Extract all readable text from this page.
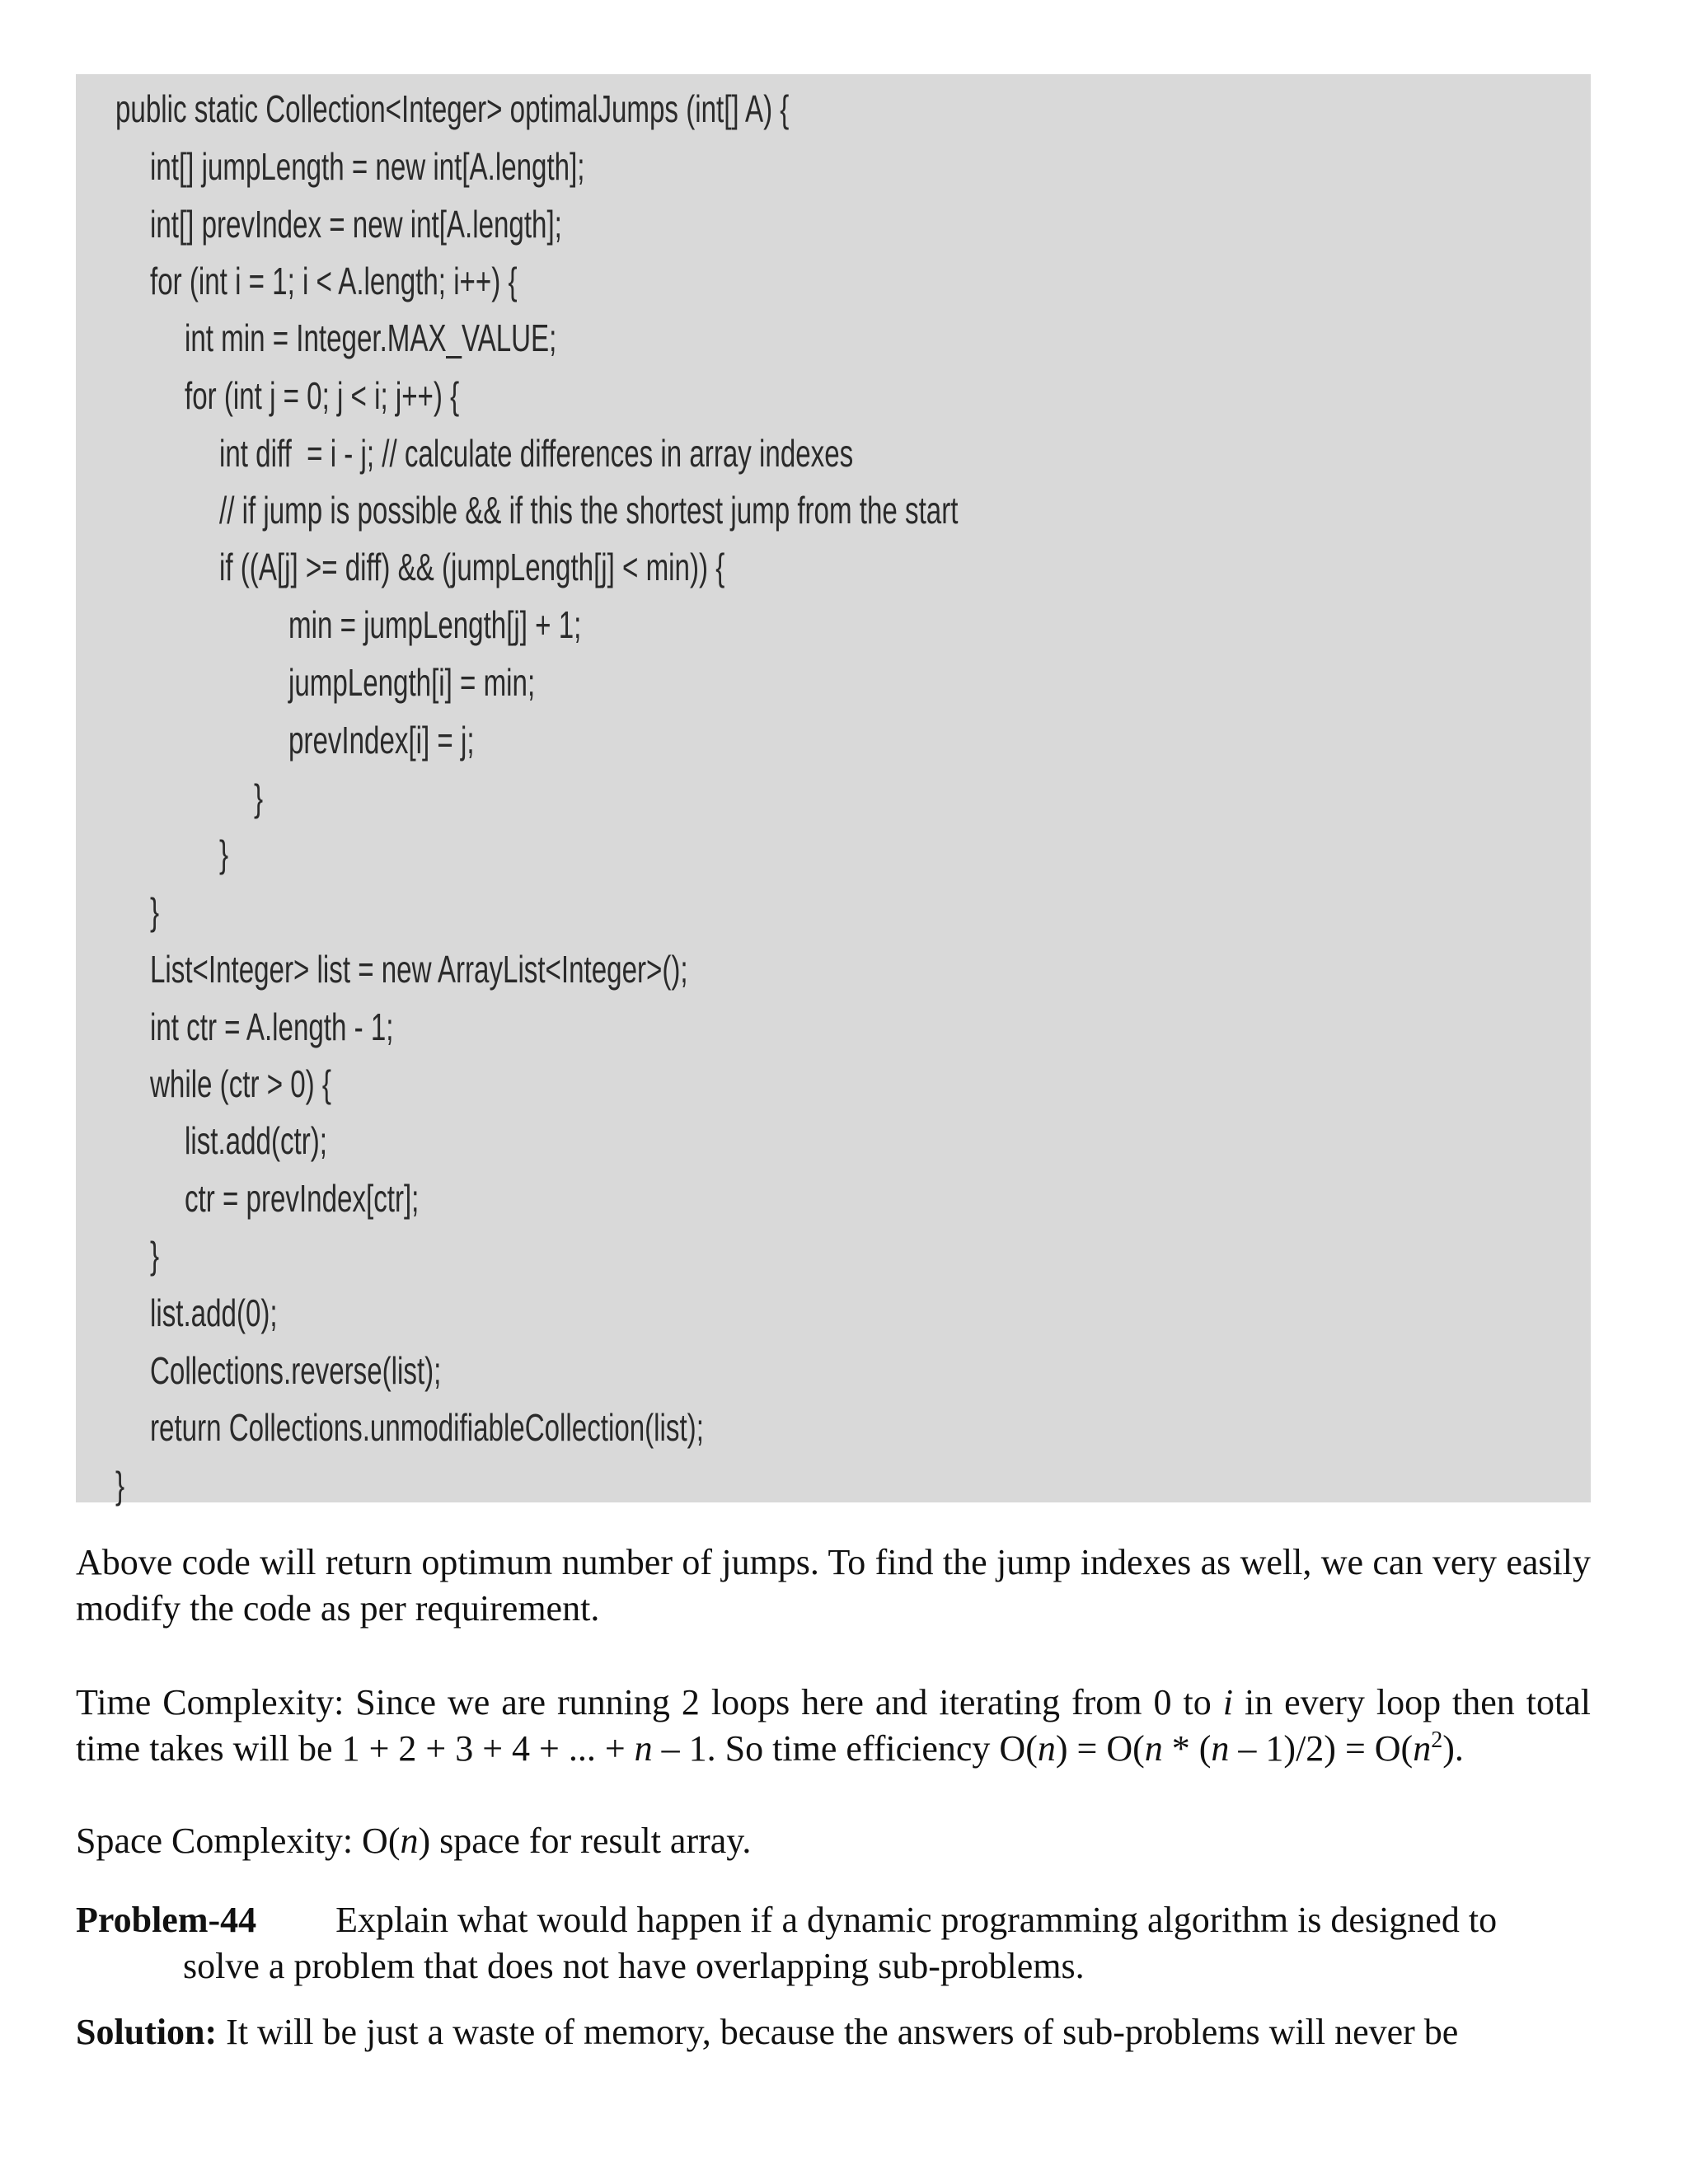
public static Collection<Integer> optimalJumps (int[] A) {
int[] jumpLength = new int[A.length];
int[] prevIndex = new int[A.length];
for (int i = 1; i < A.length; i++) {
int min = Integer.MAX_VALUE;
for (int j = 0; j < i; j++) {
int diff  = i - j; // calculate differences in array indexes
// if jump is possible && if this the shortest jump from the start
if ((A[j] >= diff) && (jumpLength[j] < min)) {
min = jumpLength[j] + 1;
jumpLength[i] = min;
prevIndex[i] = j;
}
}
}
List<Integer> list = new ArrayList<Integer>();
int ctr = A.length - 1;
while (ctr > 0) {
list.add(ctr);
ctr = prevIndex[ctr];
}
list.add(0);
Collections.reverse(list);
return Collections.unmodifiableCollection(list);
}
Above code will return optimum number of jumps. To find the jump indexes as well, we can very easily modify the code as per requirement.
Time Complexity: Since we are running 2 loops here and iterating from 0 to i in every loop then total time takes will be 1 + 2 + 3 + 4 + ... + n – 1. So time efficiency $O(n) = O(n * (n - 1)/2) = O(n^2)$.
Space Complexity: O(n) space for result array.
Problem-44 Explain what would happen if a dynamic programming algorithm is designed to
solve a problem that does not have overlapping sub-problems.
Solution: It will be just a waste of memory, because the answers of sub-problems will never be
